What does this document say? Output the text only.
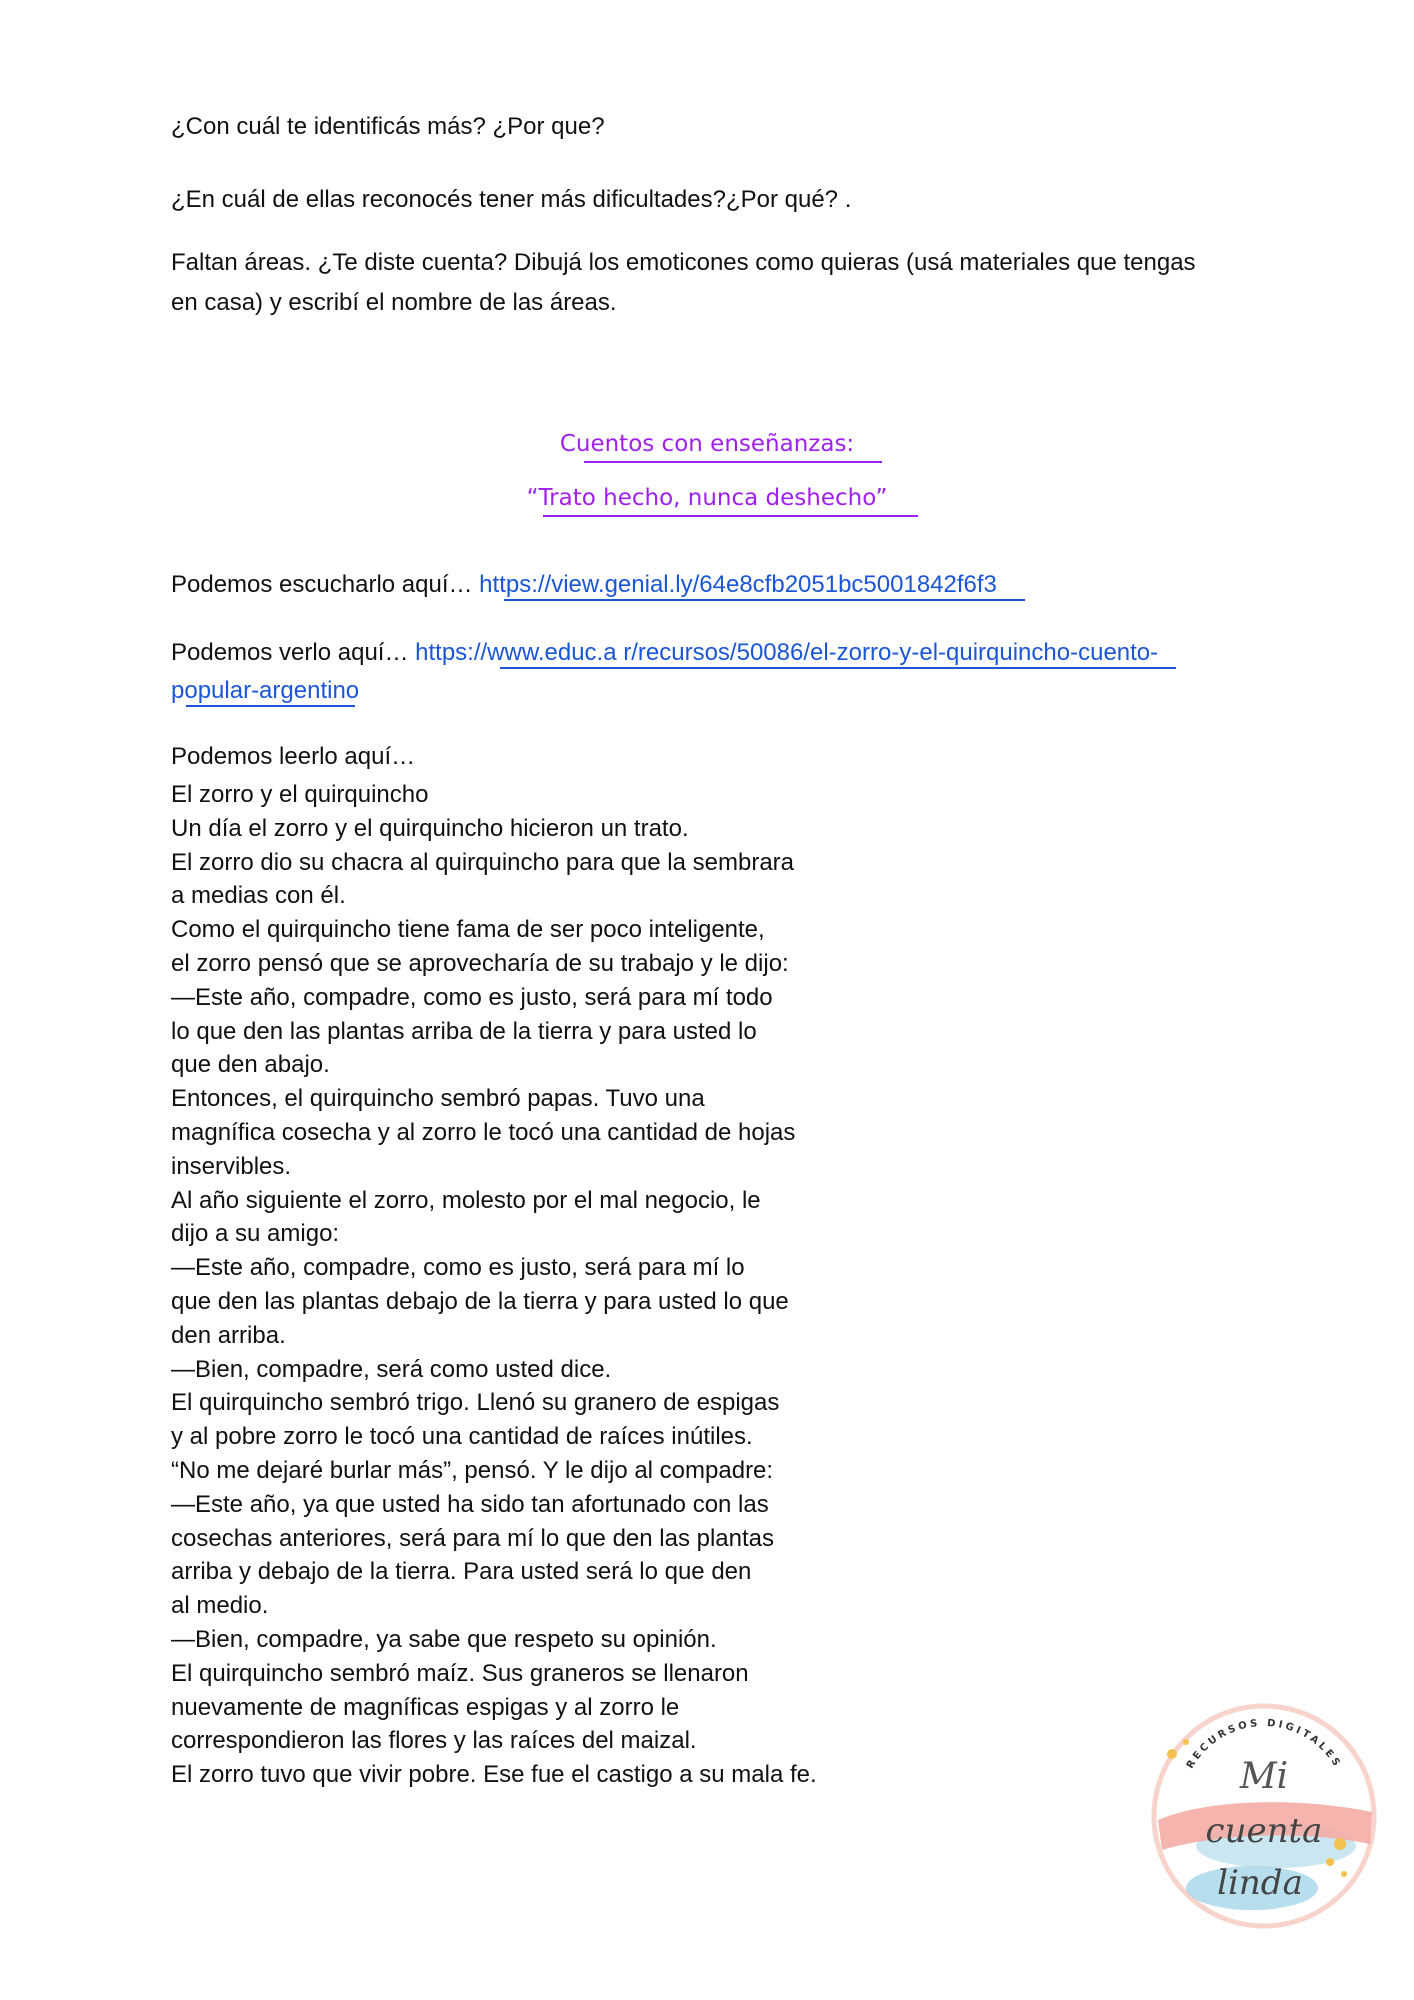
¿Con cuál te identificás más? ¿Por que?

¿En cuál de ellas reconocés tener más dificultades?¿Por qué? .

Faltan áreas. ¿Te diste cuenta? Dibujá los emoticones como quieras (usá materiales que tengas

en casa) y escribí el nombre de las áreas.

Cuentos con enseñanzas:
“Trato hecho, nunca deshecho”

Podemos escucharlo aquí… https://view.genial.ly/64e8cfb2051bc5001842f6f3

Podemos verlo aquí… https://www.educ.a r/recursos/50086/el-zorro-y-el-quirquincho-cuento-

popular-argentino

Podemos leerlo aquí…

El zorro y el quirquincho
Un día el zorro y el quirquincho hicieron un trato.
El zorro dio su chacra al quirquincho para que la sembrara
a medias con él.
Como el quirquincho tiene fama de ser poco inteligente,
el zorro pensó que se aprovecharía de su trabajo y le dijo:
—Este año, compadre, como es justo, será para mí todo
lo que den las plantas arriba de la tierra y para usted lo
que den abajo.
Entonces, el quirquincho sembró papas. Tuvo una
magnífica cosecha y al zorro le tocó una cantidad de hojas
inservibles.
Al año siguiente el zorro, molesto por el mal negocio, le
dijo a su amigo:
—Este año, compadre, como es justo, será para mí lo
que den las plantas debajo de la tierra y para usted lo que
den arriba.
—Bien, compadre, será como usted dice.
El quirquincho sembró trigo. Llenó su granero de espigas
y al pobre zorro le tocó una cantidad de raíces inútiles.
“No me dejaré burlar más”, pensó. Y le dijo al compadre:
—Este año, ya que usted ha sido tan afortunado con las
cosechas anteriores, será para mí lo que den las plantas
arriba y debajo de la tierra. Para usted será lo que den
al medio.
—Bien, compadre, ya sabe que respeto su opinión.
El quirquincho sembró maíz. Sus graneros se llenaron
nuevamente de magníficas espigas y al zorro le
correspondieron las flores y las raíces del maizal.
El zorro tuvo que vivir pobre. Ese fue el castigo a su mala fe.	RECURSOS DIGITALES
Mi
cuenta
linda
